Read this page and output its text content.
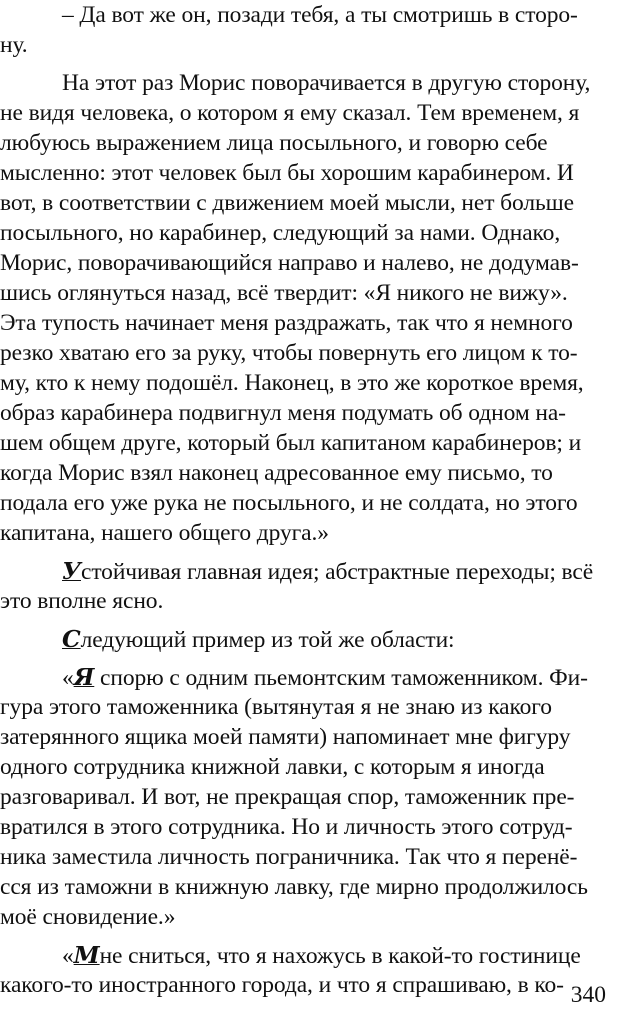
– Да вот же он, позади тебя, а ты смотришь в сторо-
ну.
На этот раз Морис поворачивается в другую сторону,
не видя человека, о котором я ему сказал. Тем временем, я
любуюсь выражением лица посыльного, и говорю себе
мысленно: этот человек был бы хорошим карабинером. И
вот, в соответствии с движением моей мысли, нет больше
посыльного, но карабинер, следующий за нами. Однако,
Морис, поворачивающийся направо и налево, не додумав-
шись оглянуться назад, всё твердит: «Я никого не вижу».
Эта тупость начинает меня раздражать, так что я немного
резко хватаю его за руку, чтобы повернуть его лицом к то-
му, кто к нему подошёл. Наконец, в это же короткое время,
образ карабинера подвигнул меня подумать об одном на-
шем общем друге, который был капитаном карабинеров; и
когда Морис взял наконец адресованное ему письмо, то
подала его уже рука не посыльного, и не солдата, но этого
капитана, нашего общего друга.»
Устойчивая главная идея; абстрактные переходы; всё
это вполне ясно.
Следующий пример из той же области:
«Я спорю с одним пьемонтским таможенником. Фи-
гура этого таможенника (вытянутая я не знаю из какого
затерянного ящика моей памяти) напоминает мне фигуру
одного сотрудника книжной лавки, с которым я иногда
разговаривал. И вот, не прекращая спор, таможенник пре-
вратился в этого сотрудника. Но и личность этого сотруд-
ника заместила личность пограничника. Так что я перенё-
сся из таможни в книжную лавку, где мирно продолжилось
моё сновидение.»
«Мне сниться, что я нахожусь в какой-то гостинице
какого-то иностранного города, и что я спрашиваю, в ко- 340
